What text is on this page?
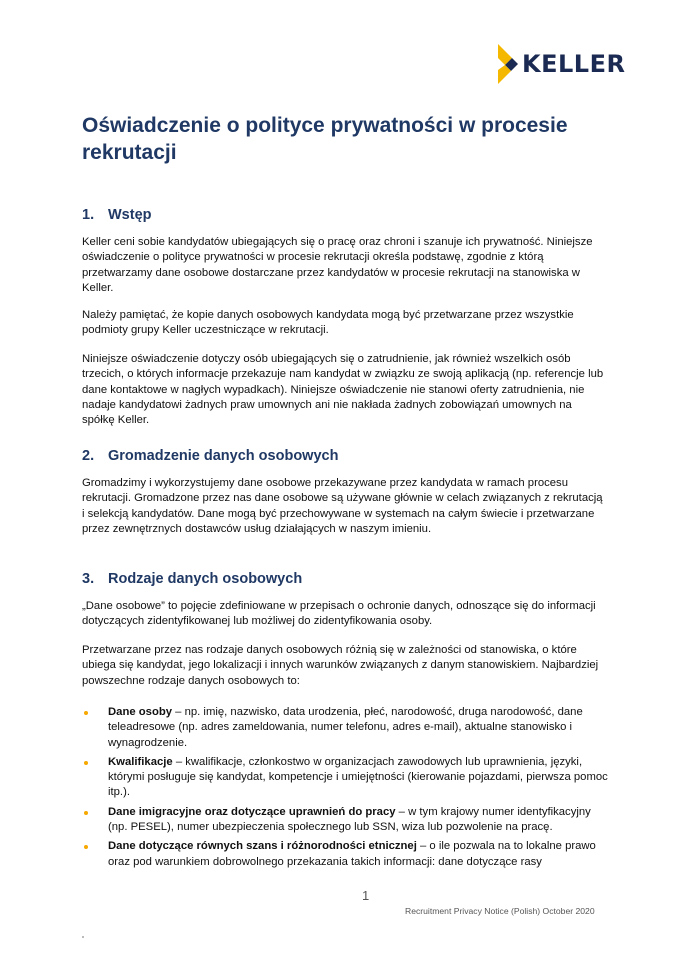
KELLER
Oświadczenie o polityce prywatności w procesie rekrutacji
1. Wstęp

Keller ceni sobie kandydatów ubiegających się o pracę oraz chroni i szanuje ich prywatność. Niniejsze oświadczenie o polityce prywatności w procesie rekrutacji określa podstawę, zgodnie z którą przetwarzamy dane osobowe dostarczane przez kandydatów w procesie rekrutacji na stanowiska w Keller.

Należy pamiętać, że kopie danych osobowych kandydata mogą być przetwarzane przez wszystkie podmioty grupy Keller uczestniczące w rekrutacji.

Niniejsze oświadczenie dotyczy osób ubiegających się o zatrudnienie, jak również wszelkich osób trzecich, o których informacje przekazuje nam kandydat w związku ze swoją aplikacją (np. referencje lub dane kontaktowe w nagłych wypadkach). Niniejsze oświadczenie nie stanowi oferty zatrudnienia, nie nadaje kandydatowi żadnych praw umownych ani nie nakłada żadnych zobowiązań umownych na spółkę Keller.

2. Gromadzenie danych osobowych

Gromadzimy i wykorzystujemy dane osobowe przekazywane przez kandydata w ramach procesu rekrutacji. Gromadzone przez nas dane osobowe są używane głównie w celach związanych z rekrutacją i selekcją kandydatów. Dane mogą być przechowywane w systemach na całym świecie i przetwarzane przez zewnętrznych dostawców usług działających w naszym imieniu.

3. Rodzaje danych osobowych

„Dane osobowe” to pojęcie zdefiniowane w przepisach o ochronie danych, odnoszące się do informacji dotyczących zidentyfikowanej lub możliwej do zidentyfikowania osoby.

Przetwarzane przez nas rodzaje danych osobowych różnią się w zależności od stanowiska, o które ubiega się kandydat, jego lokalizacji i innych warunków związanych z danym stanowiskiem. Najbardziej powszechne rodzaje danych osobowych to:

Dane osoby – np. imię, nazwisko, data urodzenia, płeć, narodowość, druga narodowość, dane teleadresowe (np. adres zameldowania, numer telefonu, adres e-mail), aktualne stanowisko i wynagrodzenie.
Kwalifikacje – kwalifikacje, członkostwo w organizacjach zawodowych lub uprawnienia, języki, którymi posługuje się kandydat, kompetencje i umiejętności (kierowanie pojazdami, pierwsza pomoc itp.).
Dane imigracyjne oraz dotyczące uprawnień do pracy – w tym krajowy numer identyfikacyjny (np. PESEL), numer ubezpieczenia społecznego lub SSN, wiza lub pozwolenie na pracę.
Dane dotyczące równych szans i różnorodności etnicznej – o ile pozwala na to lokalne prawo oraz pod warunkiem dobrowolnego przekazania takich informacji: dane dotyczące rasy
1
Recruitment Privacy Notice (Polish) October 2020
